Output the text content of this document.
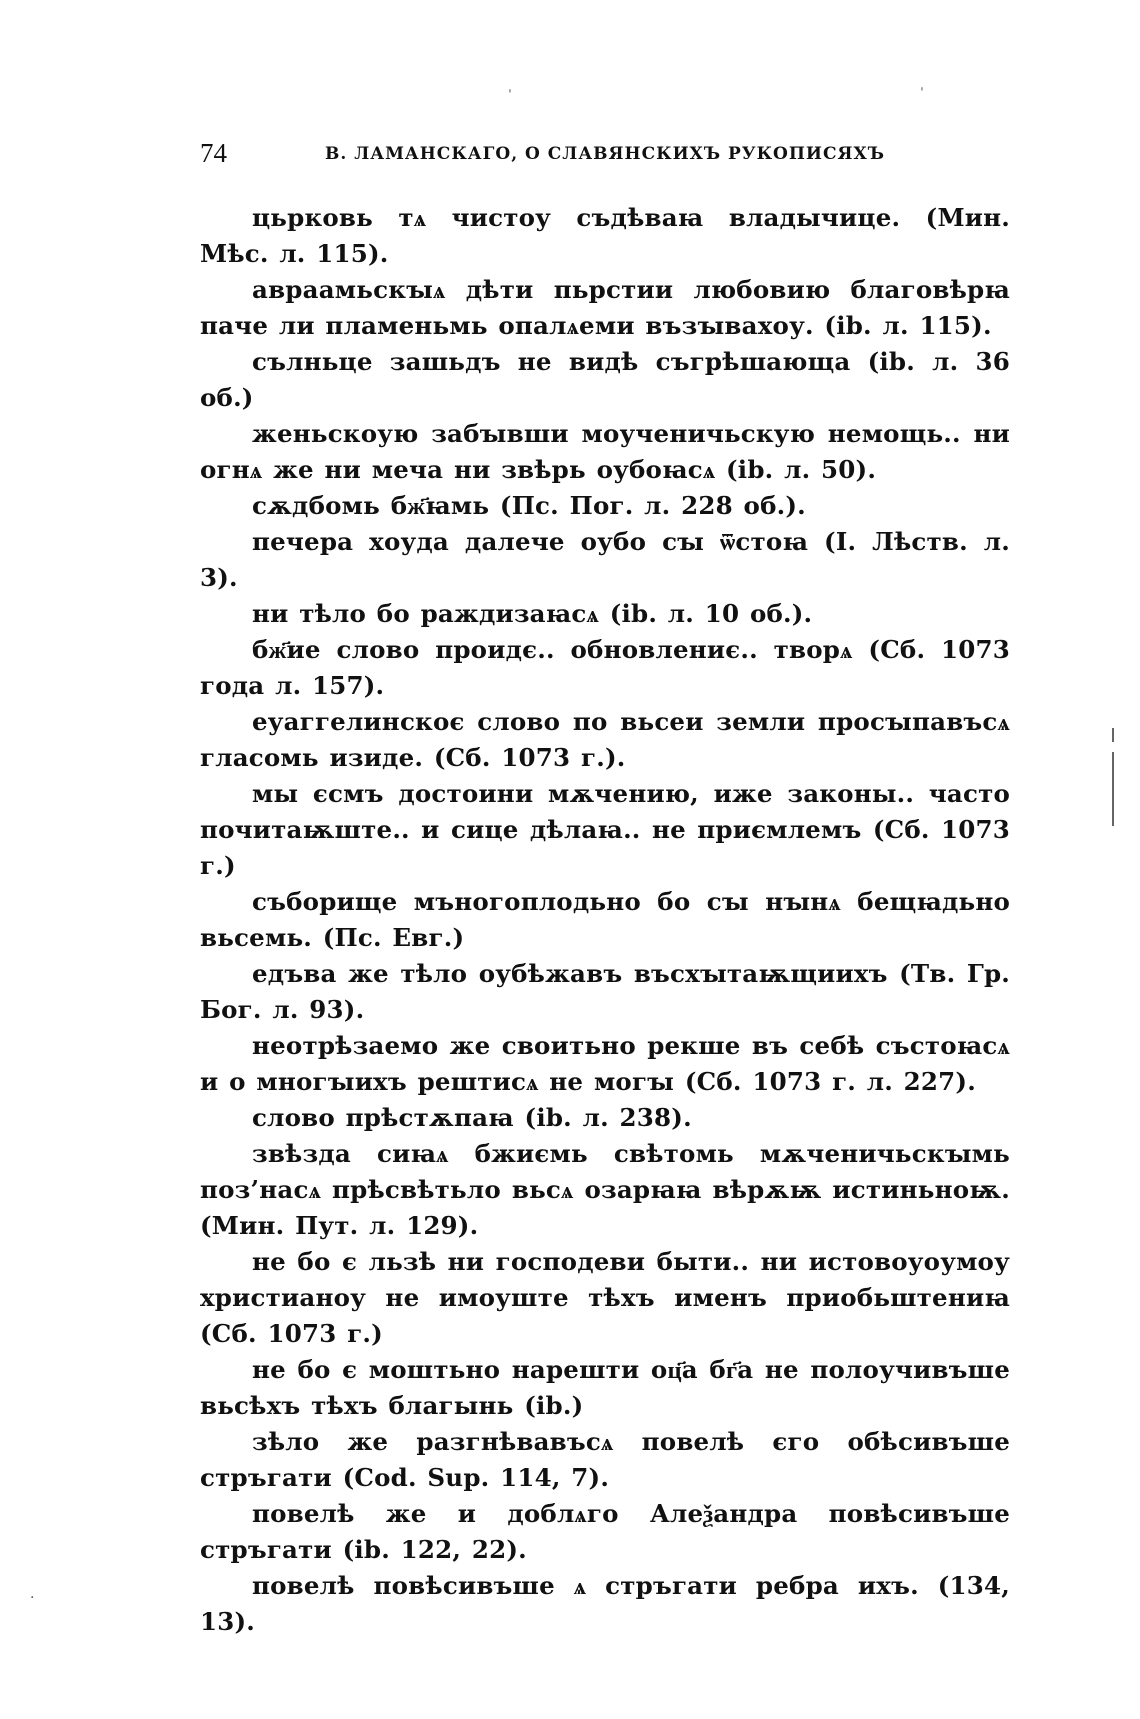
74	В. ЛАМАНСКАГО, О СЛАВЯНСКИХЪ РУКОПИСЯХЪ

цьрковь тѧ чистоу съдѣваꙗ владычице. (Мин. Мѣс. л. 115).

авраамьскꙑѧ дѣти пьрстии любовию благовѣрꙗ паче ли пламеньмь опалѧеми възꙑвахоу. (ib. л. 115).

сълньце зашьдъ не видѣ съгрѣшающа (ib. л. 36 об.)

женьскоую забꙑвши моученичьскую немощь.. ни огнѧ же ни меча ни звѣрь оубоꙗсѧ (ib. л. 50).

сѫдбомь бж҃ꙗмь (Пс. Пог. л. 228 об.).

печера хоуда далече оубо сꙑ ѿстоꙗ (І. Лѣств. л. 3).

ни тѣло бо раждизаꙗсѧ (ib. л. 10 об.).

бж҃ие слово проидє.. обновлениє.. творѧ (Сб. 1073 года л. 157).

еуаггелинскоє слово по вьсеи земли просꙑпавъсѧ гласомь изиде. (Сб. 1073 г.).

мы єсмъ достоини мѫчению, иже законы.. часто почитаѭште.. и сице дѣлаꙗ.. не приємлемъ (Сб. 1073 г.)

съборище мъногоплодьно бо сꙑ нꙑнѧ бещꙗдьно вьсемь. (Пс. Евг.)

едъва же тѣло оубѣжавъ въсхꙑтаѭщиихъ (Тв. Гр. Бог. л. 93).

неотрѣзаемо же своитьно рекше въ себѣ състоꙗсѧ и о многꙑихъ рештисѧ не могꙑ (Сб. 1073 г. л. 227).

слово прѣстѫпаꙗ (ib. л. 238).

звѣзда сиꙗѧ бжиємь свѣтомь мѫченичьскꙑмь поз’насѧ прѣсвѣтьло вьсѧ озарꙗꙗ вѣрѫѭ истиньноѭ. (Мин. Пут. л. 129).

не бо є льзѣ ни господеви быти.. ни истовоуоумоу христианоу не имоуште тѣхъ именъ приобьштениꙗ (Сб. 1073 г.)

не бо є моштьно нарешти оц҃а бг҃а не полоучивъше вьсѣхъ тѣхъ благынь (ib.)

зѣло же разгнѣвавъсѧ повелѣ єго обѣсивъше стръгати (Cod. Sup. 114, 7).

повелѣ же и доблѧго Алеѯандра повѣсивъше стръгати (ib. 122, 22).

повелѣ повѣсивъше ѧ стръгати ребра ихъ. (134, 13).

ˈ	ˈ
·
